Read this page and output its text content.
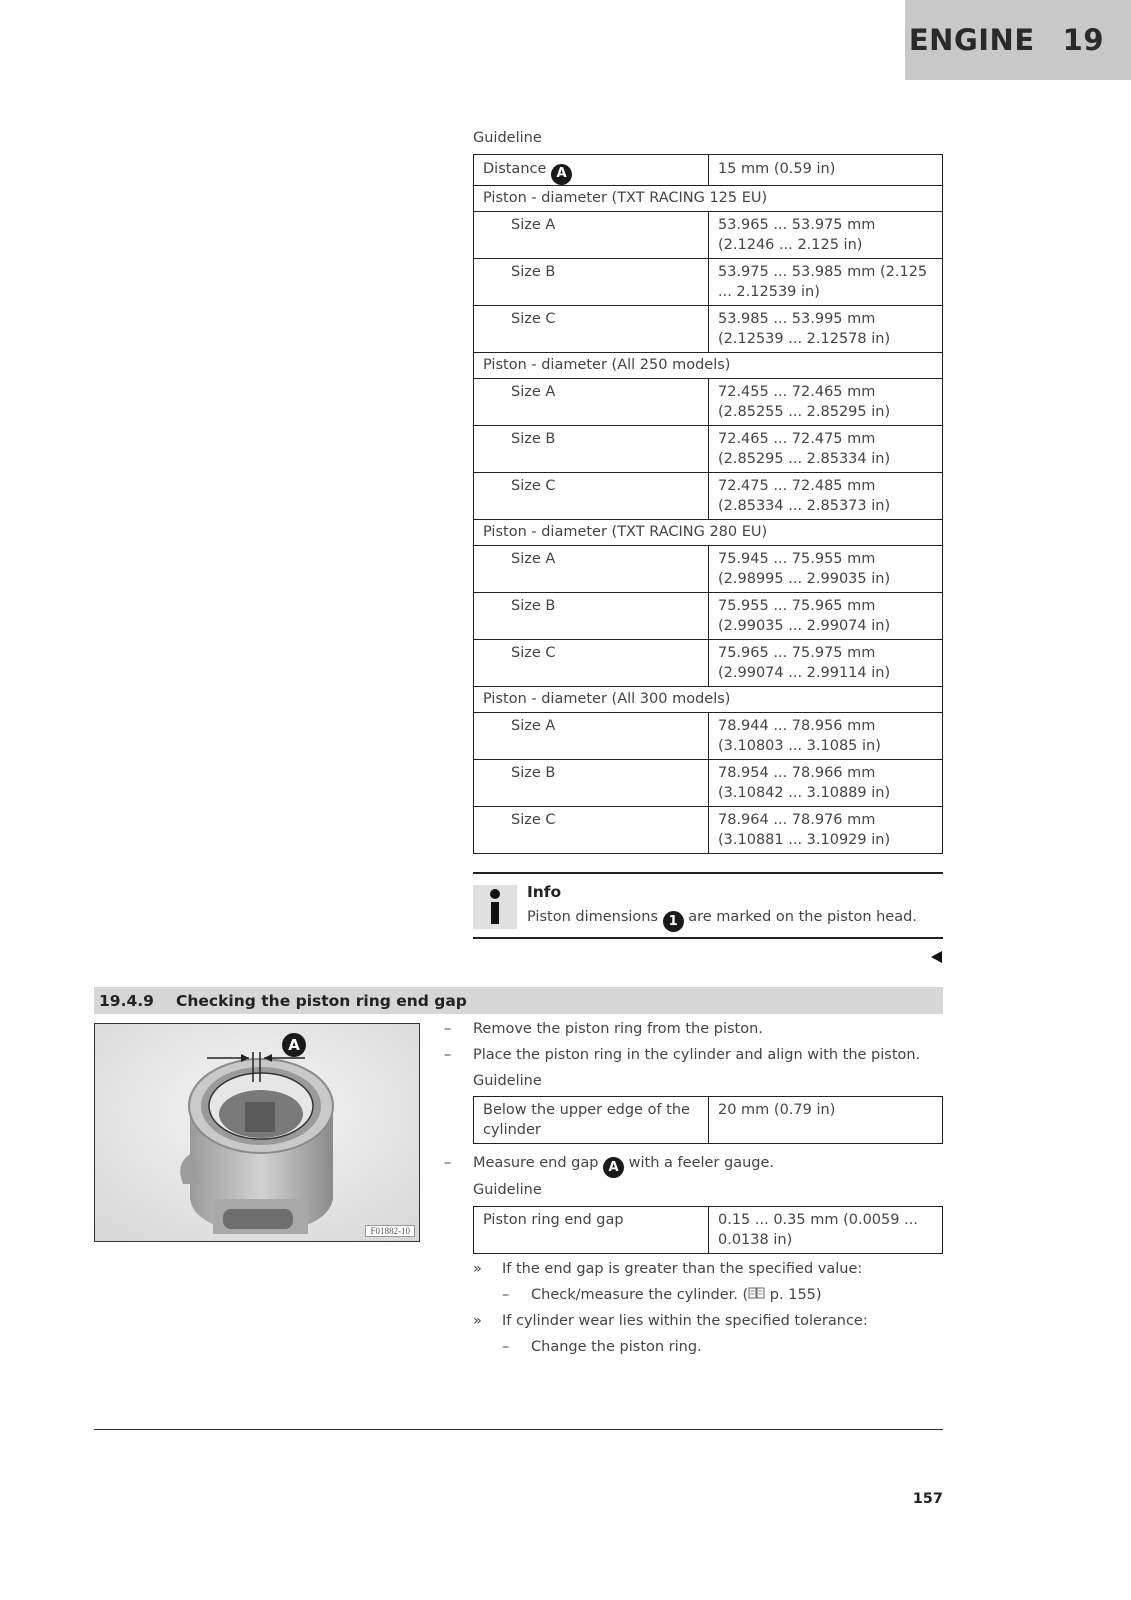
ENGINE 19
Guideline
Distance A	15 mm (0.59 in)
Piston - diameter (TXT RACING 125 EU)	
Size A	53.965 ... 53.975 mm (2.1246 ... 2.125 in)
Size B	53.975 ... 53.985 mm (2.125 ... 2.12539 in)
Size C	53.985 ... 53.995 mm (2.12539 ... 2.12578 in)
Piston - diameter (All 250 models)	
Size A	72.455 ... 72.465 mm (2.85255 ... 2.85295 in)
Size B	72.465 ... 72.475 mm (2.85295 ... 2.85334 in)
Size C	72.475 ... 72.485 mm (2.85334 ... 2.85373 in)
Piston - diameter (TXT RACING 280 EU)	
Size A	75.945 ... 75.955 mm (2.98995 ... 2.99035 in)
Size B	75.955 ... 75.965 mm (2.99035 ... 2.99074 in)
Size C	75.965 ... 75.975 mm (2.99074 ... 2.99114 in)
Piston - diameter (All 300 models)	
Size A	78.944 ... 78.956 mm (3.10803 ... 3.1085 in)
Size B	78.954 ... 78.966 mm (3.10842 ... 3.10889 in)
Size C	78.964 ... 78.976 mm (3.10881 ... 3.10929 in)
Info
Piston dimensions 1 are marked on the piston head.
19.4.9	Checking the piston ring end gap
A
F01882-10
– Remove the piston ring from the piston.
– Place the piston ring in the cylinder and align with the piston.
Guideline
Below the upper edge of the cylinder	20 mm (0.79 in)
– Measure end gap A with a feeler gauge.
Guideline
Piston ring end gap	0.15 ... 0.35 mm (0.0059 ... 0.0138 in)
» If the end gap is greater than the specified value:
– Check/measure the cylinder. ( p. 155)
» If cylinder wear lies within the specified tolerance:
– Change the piston ring.
157
